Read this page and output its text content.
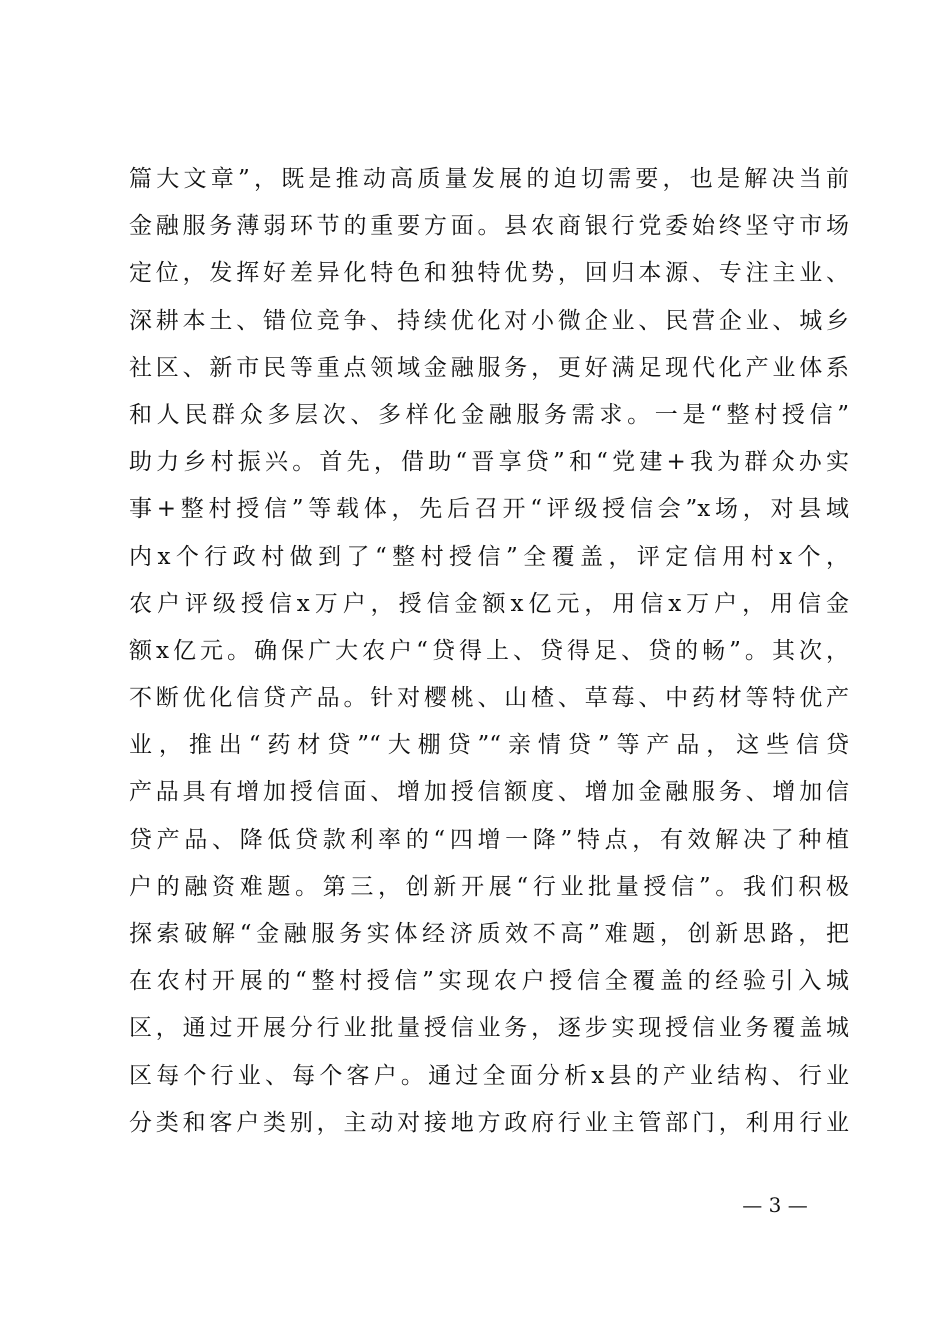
篇大文章”，既是推动高质量发展的迫切需要，也是解决当前
金融服务薄弱环节的重要方面。县农商银行党委始终坚守市场
定位，发挥好差异化特色和独特优势，回归本源、专注主业、
深耕本土、错位竞争、持续优化对小微企业、民营企业、城乡
社区、新市民等重点领域金融服务，更好满足现代化产业体系
和人民群众多层次、多样化金融服务需求。一是“整村授信”
助力乡村振兴。首先，借助“晋享贷”和“党建+我为群众办实
事+整村授信”等载体，先后召开“评级授信会”x场，对县域
内x个行政村做到了“整村授信”全覆盖，评定信用村x个，
农户评级授信x万户，授信金额x亿元，用信x万户，用信金
额x亿元。确保广大农户“贷得上、贷得足、贷的畅”。其次，
不断优化信贷产品。针对樱桃、山楂、草莓、中药材等特优产
业，推出“药材贷”“大棚贷”“亲情贷”等产品，这些信贷
产品具有增加授信面、增加授信额度、增加金融服务、增加信
贷产品、降低贷款利率的“四增一降”特点，有效解决了种植
户的融资难题。第三，创新开展“行业批量授信”。我们积极
探索破解“金融服务实体经济质效不高”难题，创新思路，把
在农村开展的“整村授信”实现农户授信全覆盖的经验引入城
区，通过开展分行业批量授信业务，逐步实现授信业务覆盖城
区每个行业、每个客户。通过全面分析x县的产业结构、行业
分类和客户类别，主动对接地方政府行业主管部门，利用行业
— 3 —
